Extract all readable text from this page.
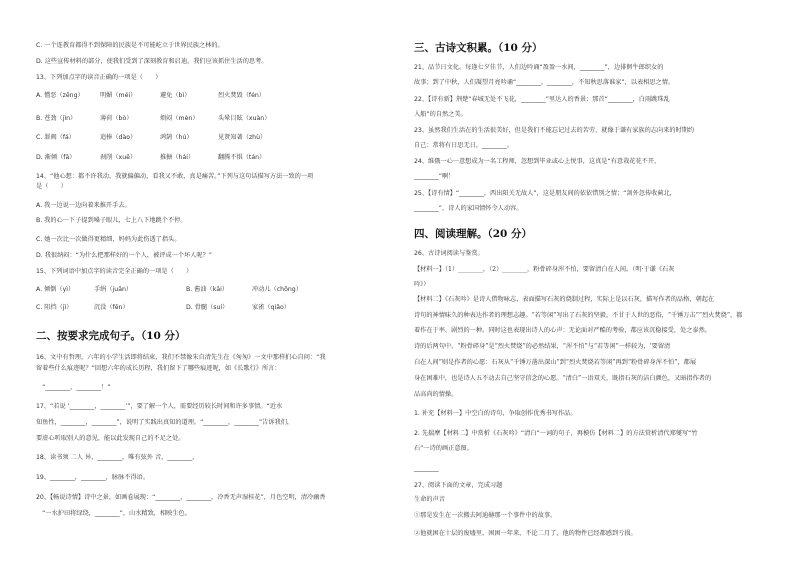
C. 一个连教育都得不到保障的民族是不可能屹立于世界民族之林的。
D. 这些宣传材料的部分，使我们受到了深刻教育和启迪，我们应该抓住生活的思考。
13、下列加点字的读音正确的一项是（　　）
A. 憎恶（zēng）	明媚（méi）	避免（bì）	烈火焚毁（fén）
B. 苍劲（jìn）	薄荷（bò）	烦闷（mèn）	头晕目眩（xuàn）
C. 罪阀（fá）	追捧（dào）	鸿鹄（hú）	见贤知著（zhù）
D. 渐倾（fā）	刹削（xuē）	推搪（hái）	翻腾不惧（tán）
14、“他心想：都不许我动，我就偏偏动，看我又不敢，真是痛苦。”下列与这句话描写方法一致的一项
是（　　）
A. 我一边说一边向着来推开手去。
B. 我的心一下子提到嗓子眼儿，七上八下地跳个不停。
C. 她一次比一次做得更精细，妈妈为此伤透了指头。
D. 我很纳闷：“为什么把那样好的一个人，被评成一个坏人呢？”
15、下列词语中加点字的读音完全正确的一项是（　　）
A. 倾倒（yì）	手绢（juān）	B. 酱油（kāi）	冲动儿（chōng）
C. 阻挡（jì）	沉没（fēn）	D. 骨髓（suí）	家雀（qiǎo）
二、按要求完成句子。（10 分）
16、文中有哲理，六年的小学生活即将结束，我们不禁像朱自清先生在《匆匆》一文中那样扪心自问：“我
留着些什么痕迹呢？”回想六年的成长历程，我们留下了哪些痕迹呢，如《长歌行》所言：
　“________，________！”
17、“若说 ‘________，________’”，要了解一个人，需要经历较长时间和许多事情。“近水
知鱼性，________，________”，说明了实践出真知的道理。“________，________”告诉我们，
要虚心听取别人的意见，能以此发现自己的不足之处。
18、读书须 二人 异，________，唯有弦外 音，________，
19、________，________，脉脉不得语。
20、【畅说诗情】诗中之景，如画卷展现：“________，________，冷香无声湿桂花”，月色空明，清冷幽香
　“一水护田将绿绕，________”，山水精致，相映生色。
三、古诗文积累。（10 分）
21、品节日文化。每逢七夕佳节，人们边吟诵“盈盈一水间，________”，边徘徊牛郎织女的
故事；到了中秋，人们凝望月亮吟诵“________，________，不知秋思落谁家”，以表相思之情。
22、【诗有新】荆楚“春城无处不飞花，________”里达人的香景；那首“________，白雨跳珠乱
入船”的自然之美。
23、虽然我们生活在的生活很美好，但是我们不能忘记过去的苦劳，就像于谦有家族的志向来的时期约
自己：常将有日思无日，________。
24、维俄一心一意想成为一名工程师，忽想到毕业或心上悦事，这真是“有意栽花花不开，
________”啊！
25、【诗有情】“________，西出阳关无故人”，这是朋友间的依依惜别之情；“剑外忽传收蓟北，
________”，诗人的家国情怀令人动容。
四、阅读理解。（20 分）
26、古诗词阅读与鉴赏。
【材料一】（1）________，（2）________，粉骨碎身浑不怕，要留清白在人间。（明·于谦《石灰
吟》）
【材料二】《石灰吟》是诗人借物咏志，表面描写石灰的烧制过程，实际上是以石灰，描写作者的品格，朝起在
诗句的神情味久的种表达作者的理想志趣。“若等闲”写出了石灰的坚毅，不甘于人世的恶俗，“千锤万击”“烈火焚烧”，都
着作在于率、剧烈的一种。同时这也表现出诗人的心声：无论面对严酷的考验，都应该沉稳接受，处之泰然。
诗的后两句中，“粉骨碎身”是“烈火焚烧”的必然结果，“浑不怕”与“若等闲”一样较为，‘要留清
白在人间”则是作者的心愿：石灰从“千锤万凿出深山”到“烈火焚烧若等闲”再到“粉骨碎身浑不怕”，都展
身在困难中，也是诗人五不动去自己坚守信念的心愿。“清白”一语双关，既指石灰的洁白颜色，又暗指作者的
品高尚的情操。
1. 补充【材料一】中空白的诗句，争取创作优秀书写作品。
2. 先揣摩【材料二】中赏析《石灰吟》“清白”一词的句子，再模仿【材料二】的方法赏析清代郑燮写“竹
石”一诗的画正意图。
________
27、阅读下面的文章，完成习题
生命的声音
①那是发生在一次搬去阿迪赫那一个事件中的故事。
②他就困在十层的废墟里，困困一年来，不论二月了，他的物件已经都感到亏损。
